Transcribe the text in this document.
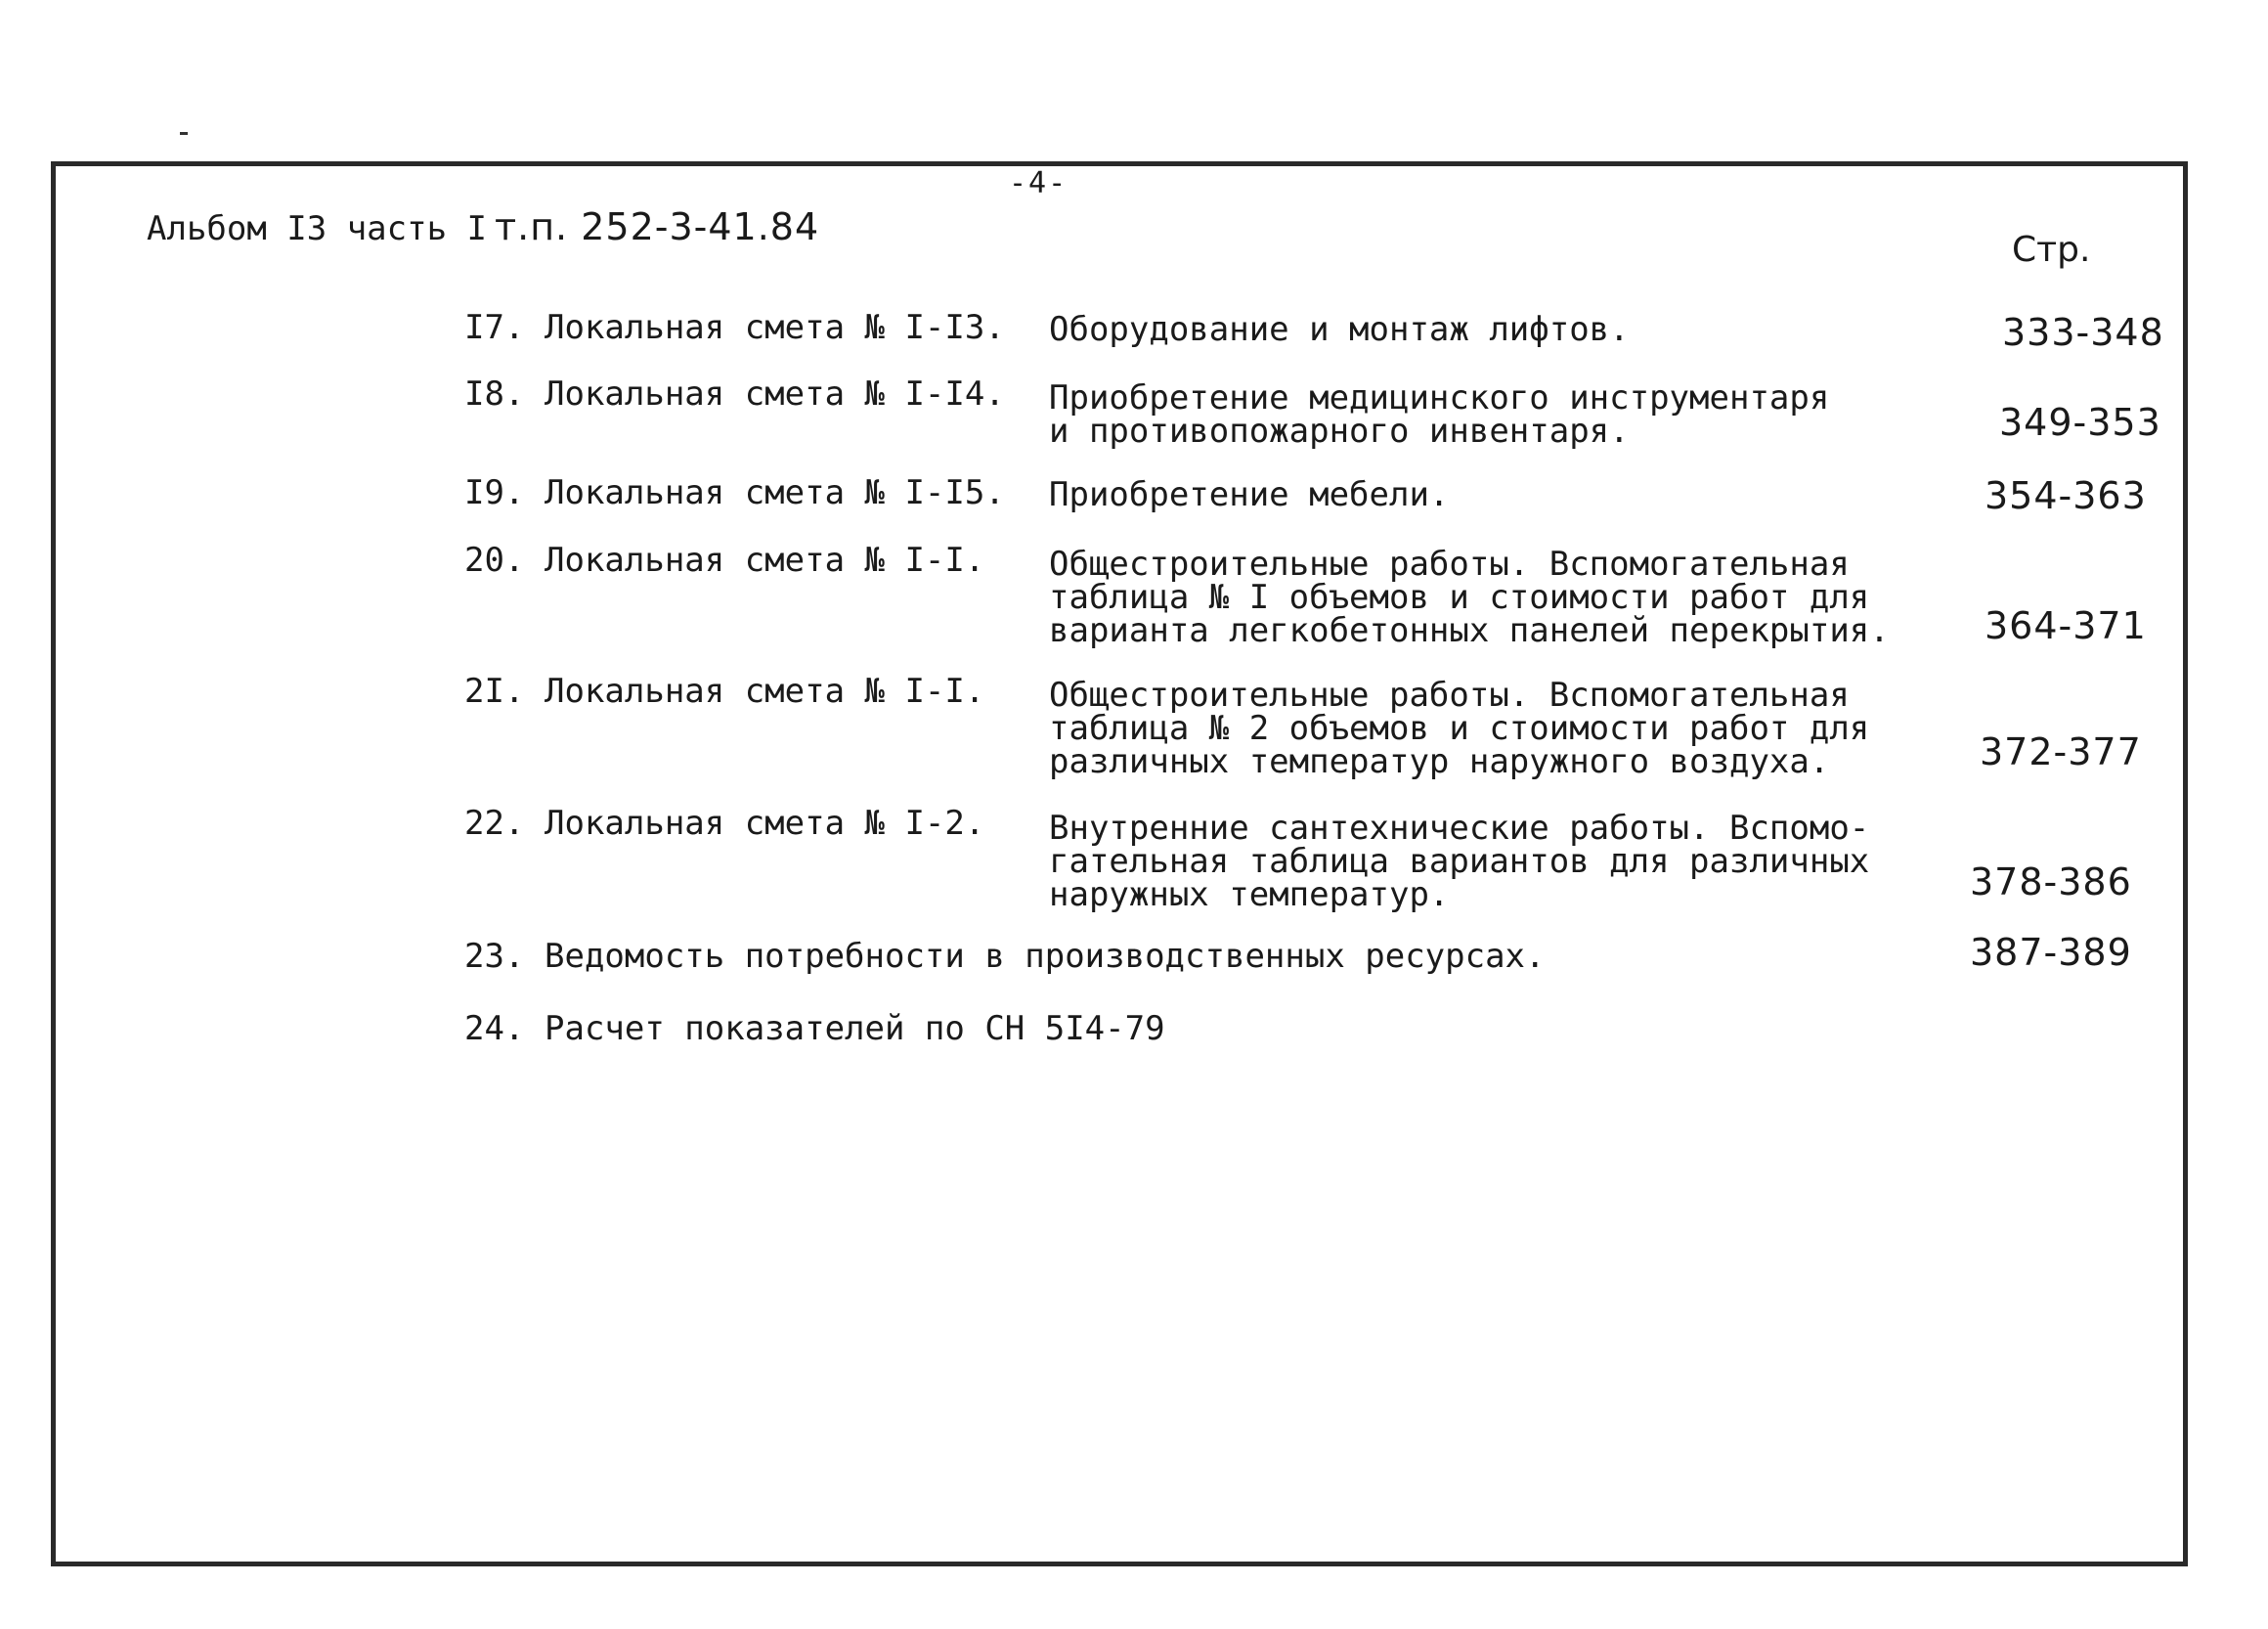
-4-
Альбом I3 часть I т.п. 252-3-41.84
Стр.
I7. Локальная смета № I-I3.	Оборудование и монтаж лифтов.	333-348
I8. Локальная смета № I-I4.	Приобретение медицинского инструментаря
и противопожарного инвентаря.	349-353
I9. Локальная смета № I-I5.	Приобретение мебели.	354-363
20. Локальная смета № I-I.	Общестроительные работы. Вспомогательная
таблица № I объемов и стоимости работ для
варианта легкобетонных панелей перекрытия.	364-371
2I. Локальная смета № I-I.	Общестроительные работы. Вспомогательная
таблица № 2 объемов и стоимости работ для
различных температур наружного воздуха.	372-377
22. Локальная смета № I-2.	Внутренние сантехнические работы. Вспомо-
гательная таблица вариантов для различных
наружных температур.	378-386
23. Ведомость потребности в производственных ресурсах.	387-389
24. Расчет показателей по СН 5I4-79
